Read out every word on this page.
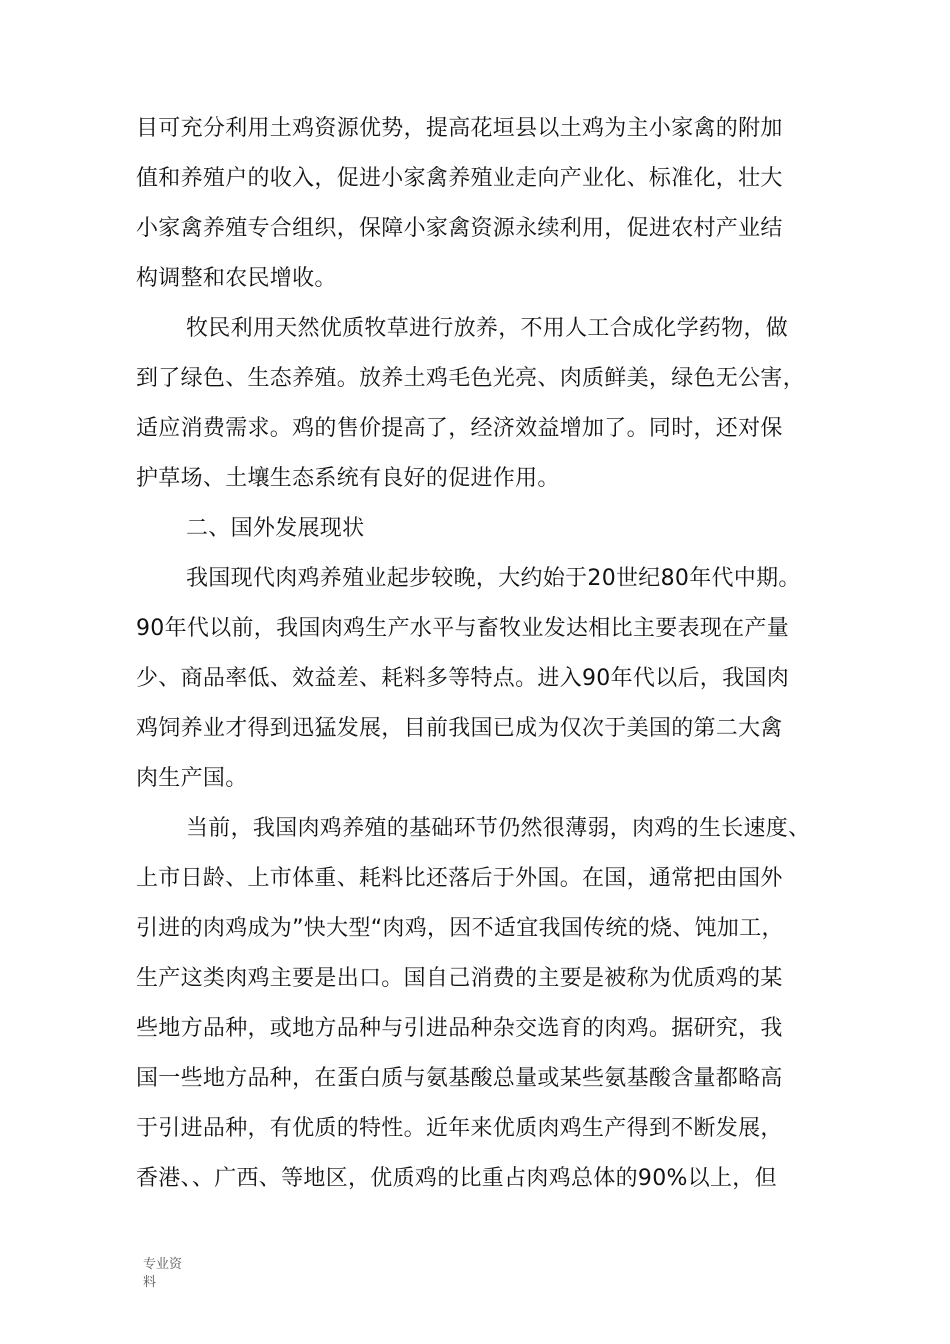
目可充分利用土鸡资源优势，提高花垣县以土鸡为主小家禽的附加
值和养殖户的收入，促进小家禽养殖业走向产业化、标准化，壮大
小家禽养殖专合组织，保障小家禽资源永续利用，促进农村产业结
构调整和农民增收。
牧民利用天然优质牧草进行放养，不用人工合成化学药物，做
到了绿色、生态养殖。放养土鸡毛色光亮、肉质鲜美，绿色无公害，
适应消费需求。鸡的售价提高了，经济效益增加了。同时，还对保
护草场、土壤生态系统有良好的促进作用。
二、国外发展现状
我国现代肉鸡养殖业起步较晚，大约始于20世纪80年代中期。
90年代以前，我国肉鸡生产水平与畜牧业发达相比主要表现在产量
少、商品率低、效益差、耗料多等特点。进入90年代以后，我国肉
鸡饲养业才得到迅猛发展，目前我国已成为仅次于美国的第二大禽
肉生产国。
当前，我国肉鸡养殖的基础环节仍然很薄弱，肉鸡的生长速度、
上市日龄、上市体重、耗料比还落后于外国。在国，通常把由国外
引进的肉鸡成为”快大型“肉鸡，因不适宜我国传统的烧、饨加工，
生产这类肉鸡主要是出口。国自己消费的主要是被称为优质鸡的某
些地方品种，或地方品种与引进品种杂交选育的肉鸡。据研究，我
国一些地方品种，在蛋白质与氨基酸总量或某些氨基酸含量都略高
于引进品种，有优质的特性。近年来优质肉鸡生产得到不断发展，
香港、、广西、等地区，优质鸡的比重占肉鸡总体的90%以上，但
专业资
料
